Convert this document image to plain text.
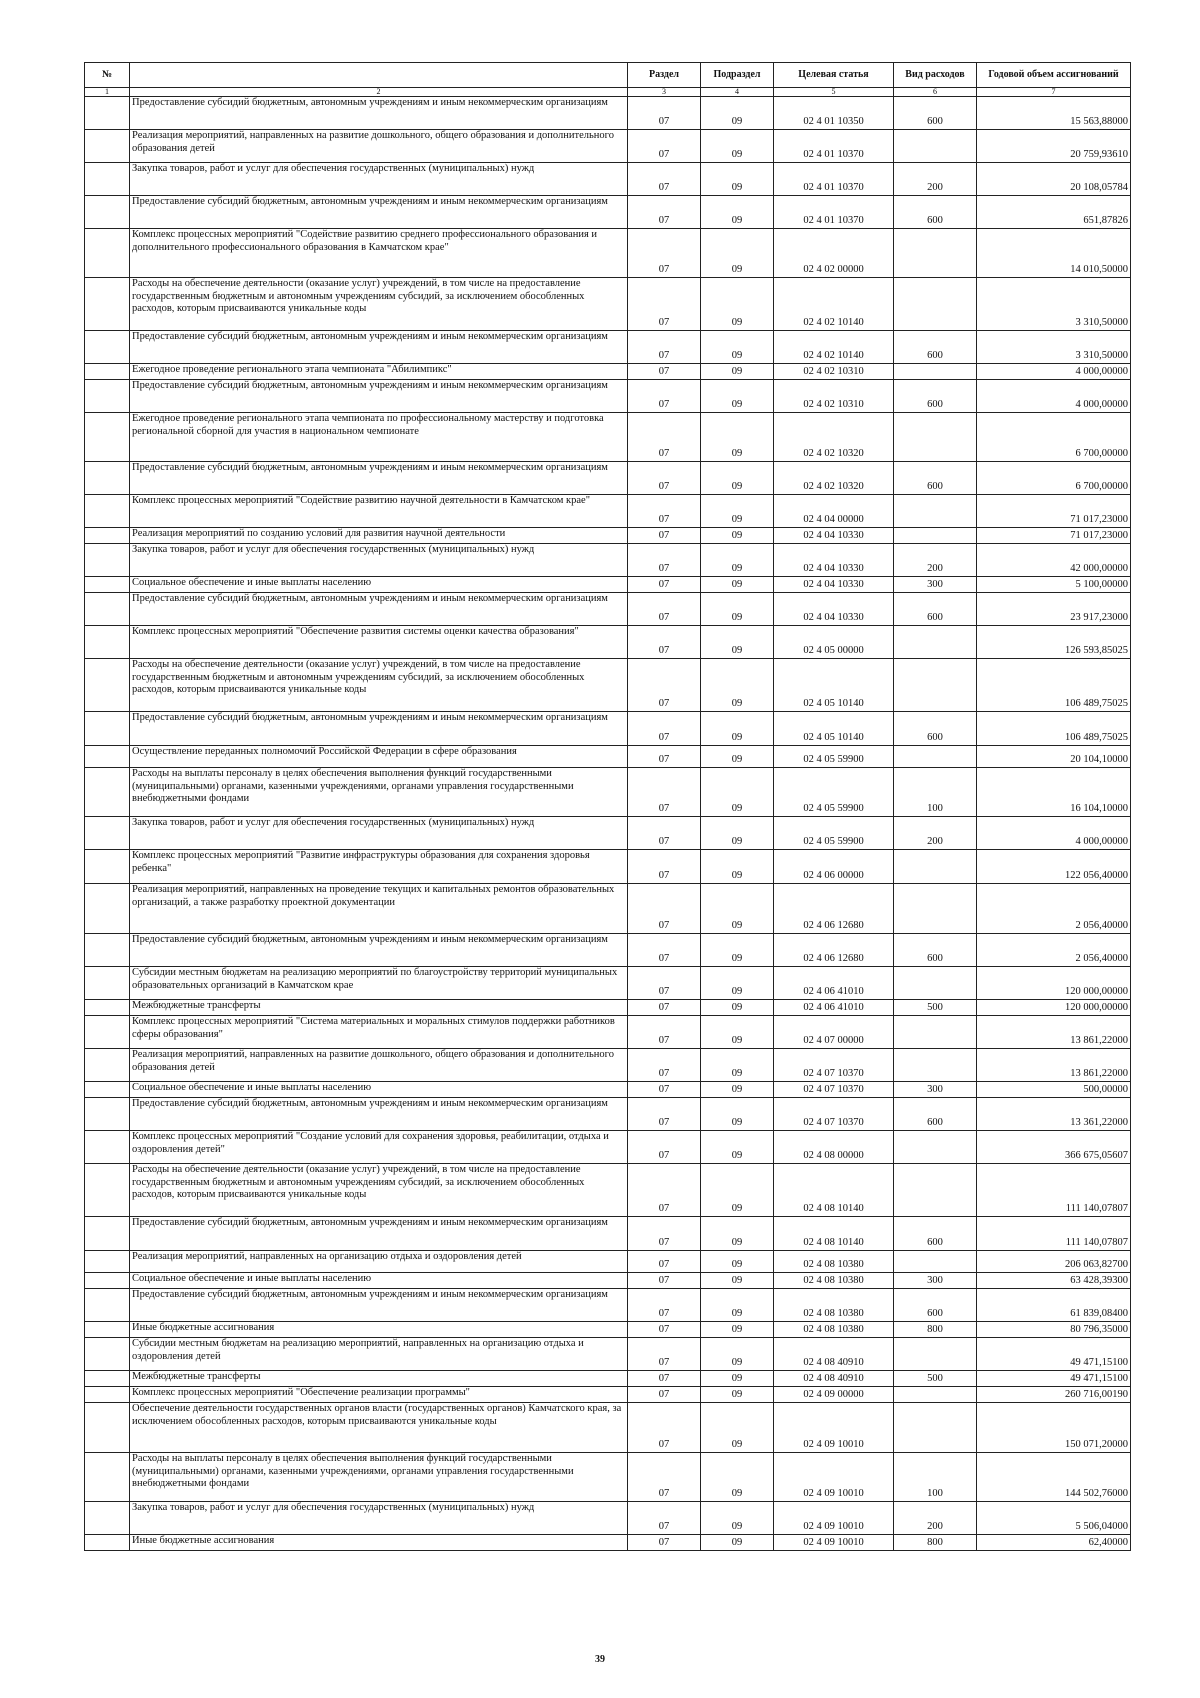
№		Раздел	Подраздел	Целевая статья	Вид расходов	Годовой объем ассигнований
1	2	3	4	5	6	7
	Предоставление субсидий бюджетным, автономным учреждениям и иным некоммерческим организациям	07	09	02 4 01 10350	600	15 563,88000
	Реализация мероприятий, направленных на развитие дошкольного, общего образования и дополнительного образования детей	07	09	02 4 01 10370		20 759,93610
	Закупка товаров, работ и услуг для обеспечения государственных (муниципальных) нужд	07	09	02 4 01 10370	200	20 108,05784
	Предоставление субсидий бюджетным, автономным учреждениям и иным некоммерческим организациям	07	09	02 4 01 10370	600	651,87826
	Комплекс процессных мероприятий "Содействие развитию среднего профессионального образования и дополнительного профессионального образования в Камчатском крае"	07	09	02 4 02 00000		14 010,50000
	Расходы на обеспечение деятельности (оказание услуг) учреждений, в том числе на предоставление государственным бюджетным и автономным учреждениям субсидий, за исключением обособленных расходов, которым присваиваются уникальные коды	07	09	02 4 02 10140		3 310,50000
	Предоставление субсидий бюджетным, автономным учреждениям и иным некоммерческим организациям	07	09	02 4 02 10140	600	3 310,50000
	Ежегодное проведение регионального этапа чемпионата "Абилимпикс"	07	09	02 4 02 10310		4 000,00000
	Предоставление субсидий бюджетным, автономным учреждениям и иным некоммерческим организациям	07	09	02 4 02 10310	600	4 000,00000
	Ежегодное проведение регионального этапа чемпионата по профессиональному мастерству и подготовка региональной сборной для участия в национальном чемпионате	07	09	02 4 02 10320		6 700,00000
	Предоставление субсидий бюджетным, автономным учреждениям и иным некоммерческим организациям	07	09	02 4 02 10320	600	6 700,00000
	Комплекс процессных мероприятий "Содействие развитию научной деятельности в Камчатском крае"	07	09	02 4 04 00000		71 017,23000
	Реализация мероприятий по созданию условий для развития научной деятельности	07	09	02 4 04 10330		71 017,23000
	Закупка товаров, работ и услуг для обеспечения государственных (муниципальных) нужд	07	09	02 4 04 10330	200	42 000,00000
	Социальное обеспечение и иные выплаты населению	07	09	02 4 04 10330	300	5 100,00000
	Предоставление субсидий бюджетным, автономным учреждениям и иным некоммерческим организациям	07	09	02 4 04 10330	600	23 917,23000
	Комплекс процессных мероприятий "Обеспечение развития системы оценки качества образования"	07	09	02 4 05 00000		126 593,85025
	Расходы на обеспечение деятельности (оказание услуг) учреждений, в том числе на предоставление государственным бюджетным и автономным учреждениям субсидий, за исключением обособленных расходов, которым присваиваются уникальные коды	07	09	02 4 05 10140		106 489,75025
	Предоставление субсидий бюджетным, автономным учреждениям и иным некоммерческим организациям	07	09	02 4 05 10140	600	106 489,75025
	Осуществление переданных полномочий Российской Федерации в сфере образования	07	09	02 4 05 59900		20 104,10000
	Расходы на выплаты персоналу в целях обеспечения выполнения функций государственными (муниципальными) органами, казенными учреждениями, органами управления государственными внебюджетными фондами	07	09	02 4 05 59900	100	16 104,10000
	Закупка товаров, работ и услуг для обеспечения государственных (муниципальных) нужд	07	09	02 4 05 59900	200	4 000,00000
	Комплекс процессных мероприятий "Развитие инфраструктуры образования для сохранения здоровья ребенка"	07	09	02 4 06 00000		122 056,40000
	Реализация мероприятий, направленных на проведение текущих и капитальных ремонтов образовательных организаций, а также разработку проектной документации	07	09	02 4 06 12680		2 056,40000
	Предоставление субсидий бюджетным, автономным учреждениям и иным некоммерческим организациям	07	09	02 4 06 12680	600	2 056,40000
	Субсидии местным бюджетам на реализацию мероприятий по благоустройству территорий муниципальных образовательных организаций в Камчатском крае	07	09	02 4 06 41010		120 000,00000
	Межбюджетные трансферты	07	09	02 4 06 41010	500	120 000,00000
	Комплекс процессных мероприятий "Система материальных и моральных стимулов поддержки работников сферы образования"	07	09	02 4 07 00000		13 861,22000
	Реализация мероприятий, направленных на развитие дошкольного, общего образования и дополнительного образования детей	07	09	02 4 07 10370		13 861,22000
	Социальное обеспечение и иные выплаты населению	07	09	02 4 07 10370	300	500,00000
	Предоставление субсидий бюджетным, автономным учреждениям и иным некоммерческим организациям	07	09	02 4 07 10370	600	13 361,22000
	Комплекс процессных мероприятий "Создание условий для сохранения здоровья, реабилитации, отдыха и оздоровления детей"	07	09	02 4 08 00000		366 675,05607
	Расходы на обеспечение деятельности (оказание услуг) учреждений, в том числе на предоставление государственным бюджетным и автономным учреждениям субсидий, за исключением обособленных расходов, которым присваиваются уникальные коды	07	09	02 4 08 10140		111 140,07807
	Предоставление субсидий бюджетным, автономным учреждениям и иным некоммерческим организациям	07	09	02 4 08 10140	600	111 140,07807
	Реализация мероприятий, направленных на организацию отдыха и оздоровления детей	07	09	02 4 08 10380		206 063,82700
	Социальное обеспечение и иные выплаты населению	07	09	02 4 08 10380	300	63 428,39300
	Предоставление субсидий бюджетным, автономным учреждениям и иным некоммерческим организациям	07	09	02 4 08 10380	600	61 839,08400
	Иные бюджетные ассигнования	07	09	02 4 08 10380	800	80 796,35000
	Субсидии местным бюджетам на реализацию мероприятий, направленных на организацию отдыха и оздоровления детей	07	09	02 4 08 40910		49 471,15100
	Межбюджетные трансферты	07	09	02 4 08 40910	500	49 471,15100
	Комплекс процессных мероприятий "Обеспечение реализации программы"	07	09	02 4 09 00000		260 716,00190
	Обеспечение деятельности государственных органов власти (государственных органов) Камчатского края, за исключением обособленных расходов, которым присваиваются уникальные коды	07	09	02 4 09 10010		150 071,20000
	Расходы на выплаты персоналу в целях обеспечения выполнения функций государственными (муниципальными) органами, казенными учреждениями, органами управления государственными внебюджетными фондами	07	09	02 4 09 10010	100	144 502,76000
	Закупка товаров, работ и услуг для обеспечения государственных (муниципальных) нужд	07	09	02 4 09 10010	200	5 506,04000
	Иные бюджетные ассигнования	07	09	02 4 09 10010	800	62,40000
39
